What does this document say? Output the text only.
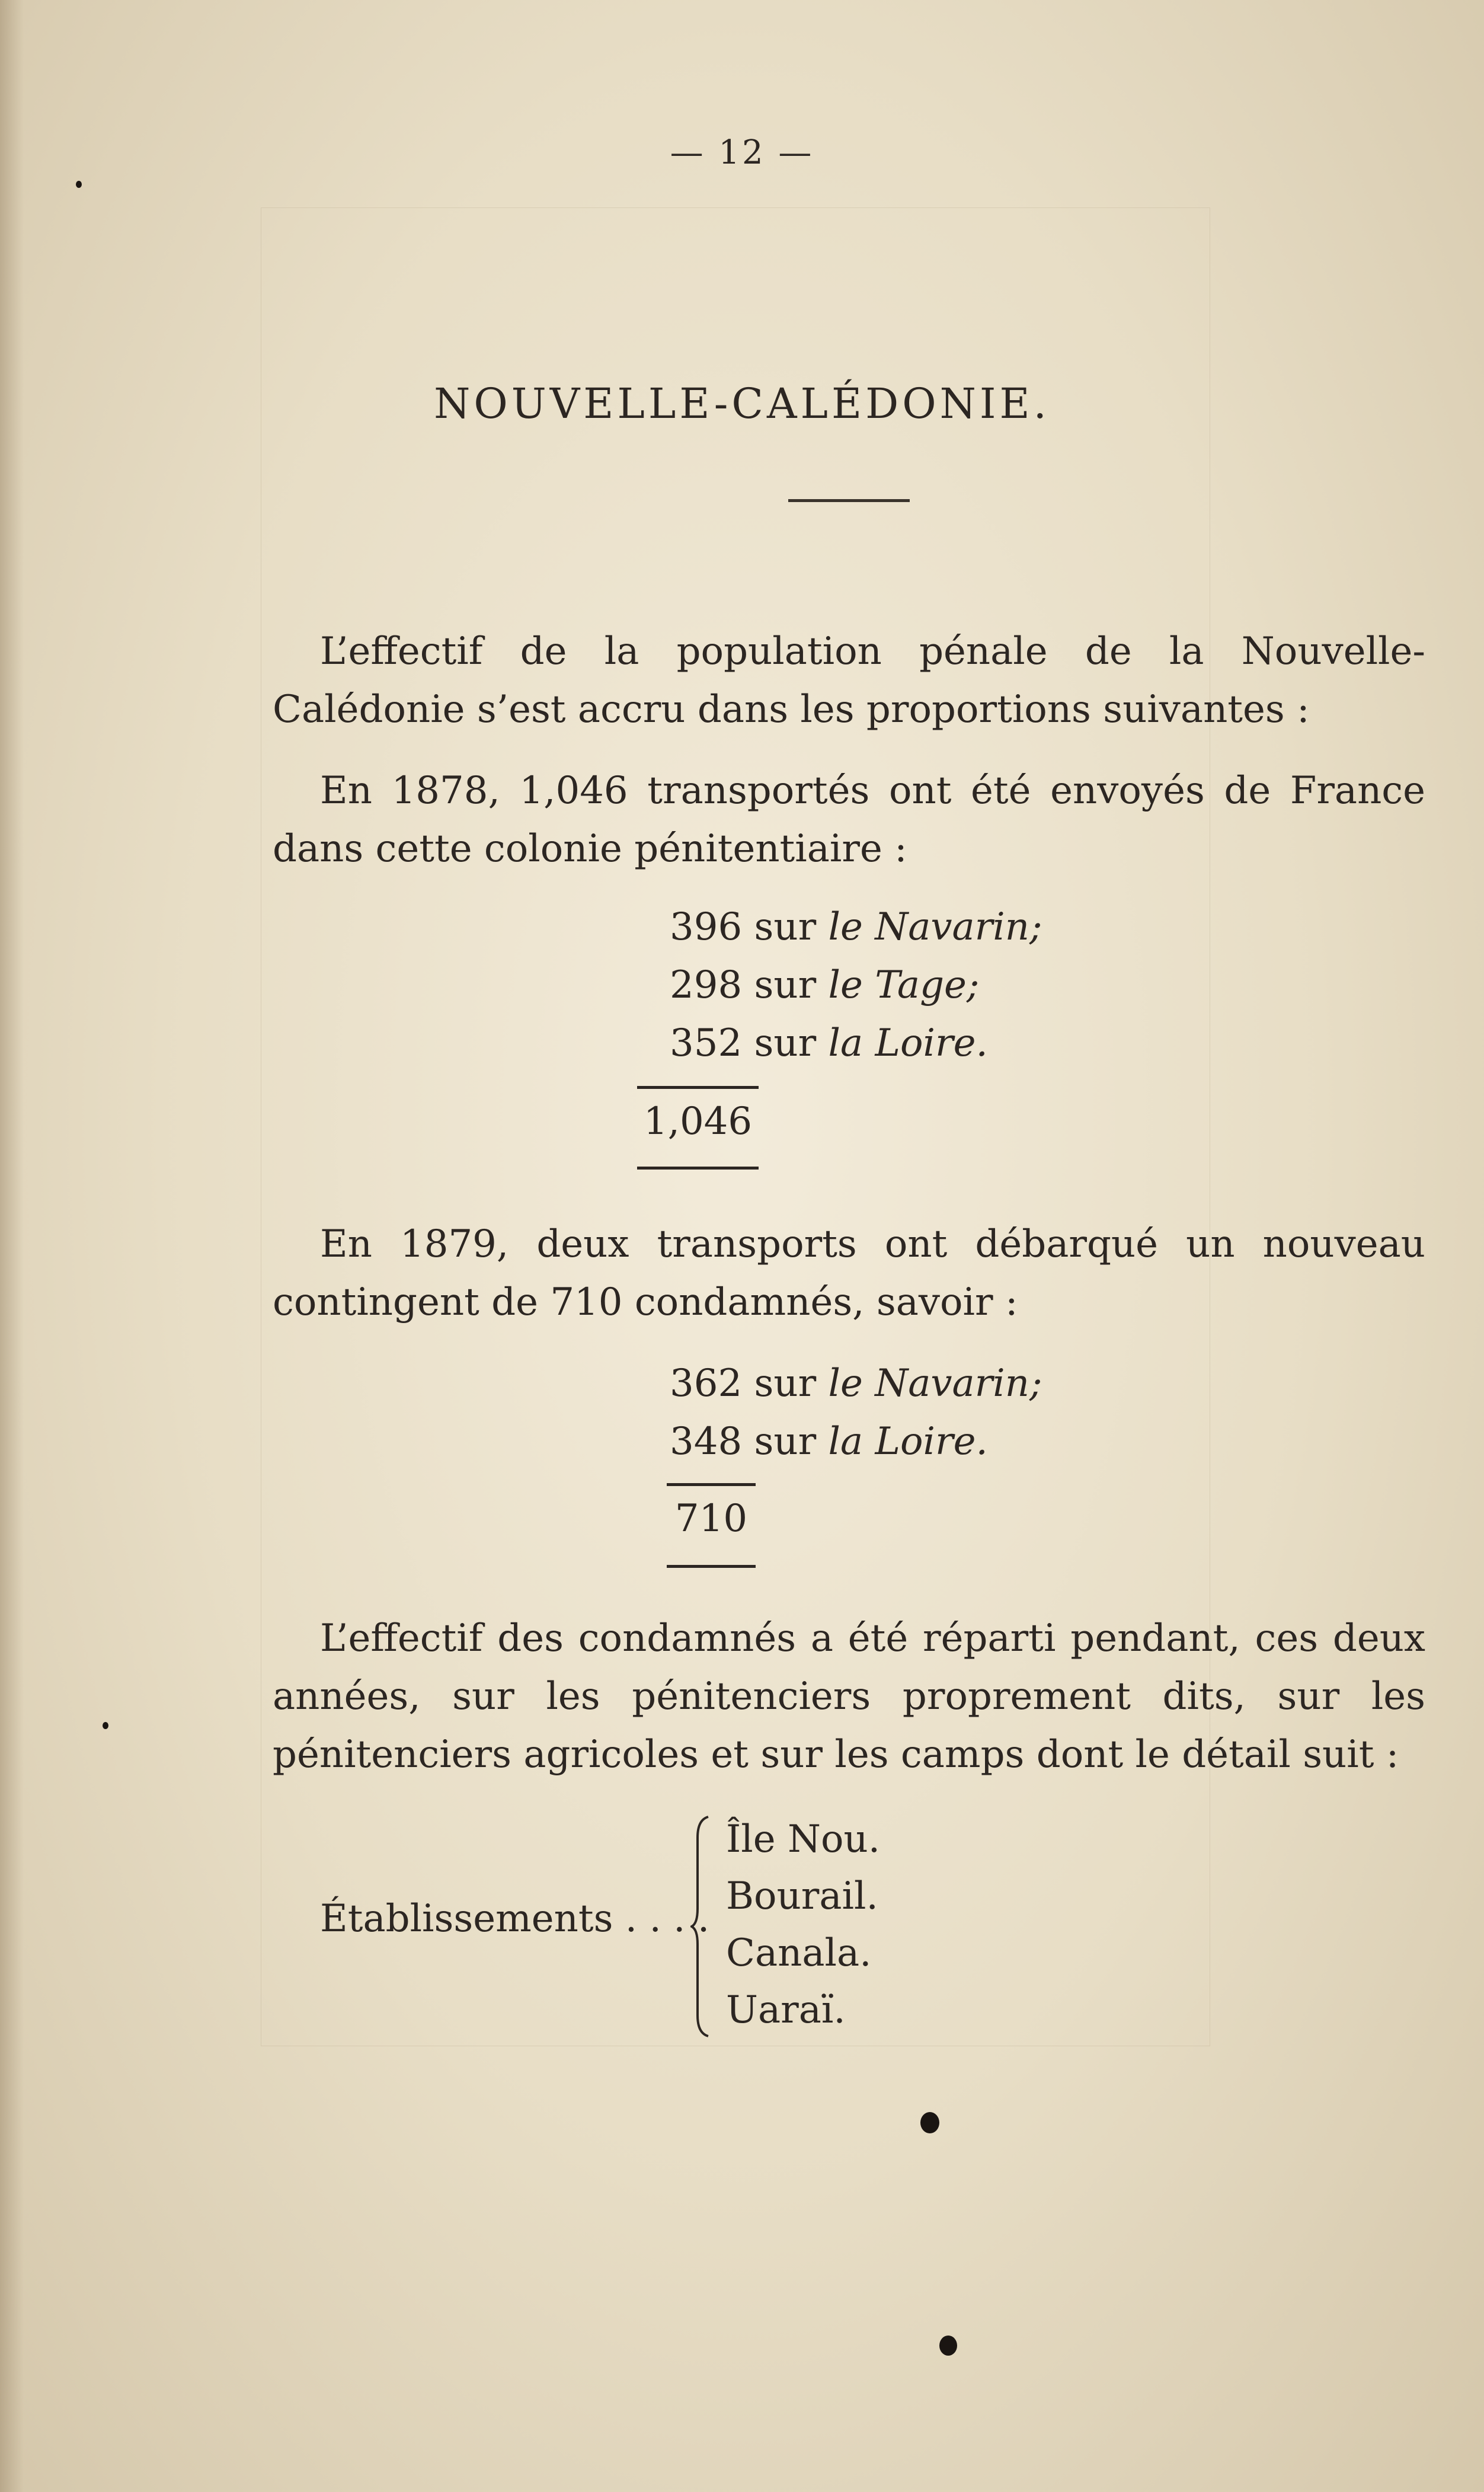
— 12 —
NOUVELLE-CALÉDONIE.

L’effectif de la population pénale de la Nouvelle-Calédonie s’est accru dans les proportions suivantes :

En 1878, 1,046 transportés ont été envoyés de France dans cette colonie pénitentiaire :

396 sur le Navarin;
298 sur le Tage;
352 sur la Loire.
1,046

En 1879, deux transports ont débarqué un nouveau contingent de 710 condamnés, savoir :

362 sur le Navarin;
348 sur la Loire.
710

L’effectif des condamnés a été réparti pendant, ces deux années, sur les pénitenciers proprement dits, sur les pénitenciers agricoles et sur les camps dont le détail suit :

Établissements . . . .
Île Nou.
Bourail.
Canala.
Uaraï.
